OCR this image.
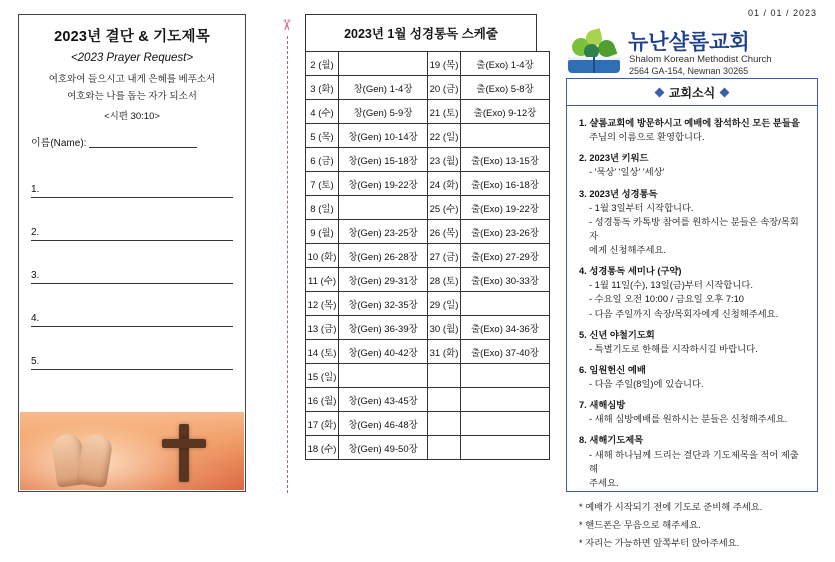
01 / 01 / 2023
2023년 결단 & 기도제목
<2023 Prayer Request>
여호와여 들으시고 내게 은혜를 베푸소서
여호와는 나를 돕는 자가 되소서
<시편 30:10>
이름(Name):
1.
2.
3.
4.
5.
✂
2023년 1월 성경통독 스케줄
2 (월)		19 (목)	출(Exo) 1-4장
3 (화)	창(Gen) 1-4장	20 (금)	출(Exo) 5-8장
4 (수)	창(Gen) 5-9장	21 (토)	출(Exo) 9-12장
5 (목)	창(Gen) 10-14장	22 (일)	
6 (금)	창(Gen) 15-18장	23 (월)	출(Exo) 13-15장
7 (토)	창(Gen) 19-22장	24 (화)	출(Exo) 16-18장
8 (일)		25 (수)	출(Exo) 19-22장
9 (월)	창(Gen) 23-25장	26 (목)	출(Exo) 23-26장
10 (화)	창(Gen) 26-28장	27 (금)	출(Exo) 27-29장
11 (수)	창(Gen) 29-31장	28 (토)	출(Exo) 30-33장
12 (목)	창(Gen) 32-35장	29 (일)	
13 (금)	창(Gen) 36-39장	30 (월)	출(Exo) 34-36장
14 (토)	창(Gen) 40-42장	31 (화)	출(Exo) 37-40장
15 (일)			
16 (월)	창(Gen) 43-45장		
17 (화)	창(Gen) 46-48장		
18 (수)	창(Gen) 49-50장		
뉴난샬롬교회
Shalom Korean Methodist Church
2564 GA-154, Newnan 30265
교회소식
1. 샬롬교회에 방문하시고 예배에 참석하신 모든 분들을
주님의 이름으로 환영합니다.
2. 2023년 키워드
- '묵상' '일상' '세상'
3. 2023년 성경통독
- 1월 3일부터 시작합니다.
- 성경통독 카톡방 참여를 원하시는 분들은 속장/목회자
에게 신청해주세요.
4. 성경통독 세미나 (구약)
- 1월 11일(수), 13일(금)부터 시작합니다.
- 수요일 오전 10:00 / 금요일 오후 7:10
- 다음 주일까지 속장/목회자에게 신청해주세요.
5. 신년 야철기도회
- 특별기도로 한해를 시작하시길 바랍니다.
6. 임원헌신 예배
- 다음 주일(8일)에 있습니다.
7. 새해심방
- 새해 심방예배를 원하시는 분들은 신청해주세요.
8. 새해기도제목
- 새해 하나님께 드리는 결단과 기도제목을 적어 제출해
주세요.
* 예배가 시작되기 전에 기도로 준비해 주세요.
* 핸드폰은 무음으로 해주세요.
* 자리는 가능하면 앞쪽부터 앉아주세요.
